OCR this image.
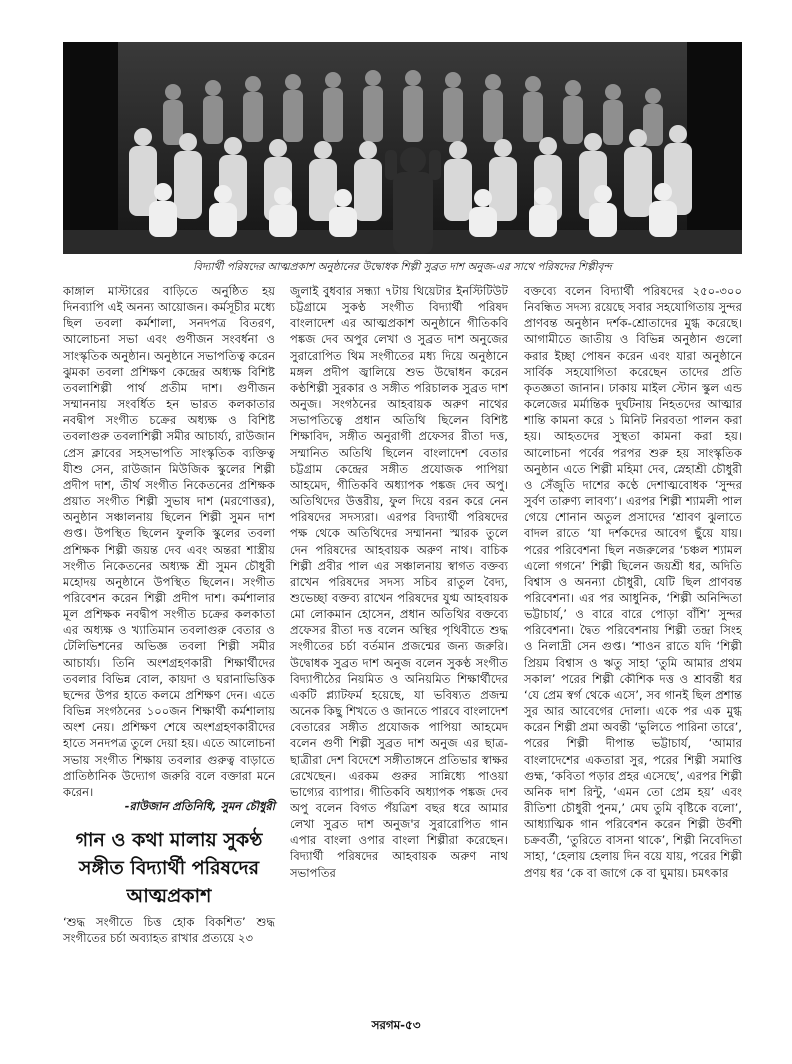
বিদ্যার্থী পরিষদের আত্মপ্রকাশ অনুষ্ঠানের উদ্বোধক শিল্পী সুব্রত দাশ অনুজ-এর সাথে পরিষদের শিল্পীবৃন্দ

কাঙ্গাল মাস্টারের বাড়িতে অনুষ্ঠিত হয় দিনব্যাপি এই অনন্য আয়োজন। কর্মসূচীর মধ্যে ছিল তবলা কর্মশালা, সনদপত্র বিতরণ, আলোচনা সভা এবং গুণীজন সংবর্ধনা ও সাংস্কৃতিক অনুষ্ঠান। অনুষ্ঠানে সভাপতিত্ব করেন ঝুমকা তবলা প্রশিক্ষণ কেন্দ্রের অধ্যক্ষ বিশিষ্ট তবলাশিল্পী পার্থ প্রতীম দাশ। গুণীজন সম্মাননায় সংবর্ধিত হন ভারত কলকাতার নবদ্বীপ সংগীত চক্রের অধ্যক্ষ ও বিশিষ্ট তবলাগুরু তবলাশিল্পী সমীর আচার্য্য, রাউজান প্রেস ক্লাবের সহসভাপতি সাংস্কৃতিক ব্যক্তিত্ব যীশু সেন, রাউজান মিউজিক স্কুলের শিল্পী প্রদীপ দাশ, তীর্থ সংগীত নিকেতনের প্রশিক্ষক প্রয়াত সংগীত শিল্পী সুভাষ দাশ (মরণোত্তর), অনুষ্ঠান সঞ্চালনায় ছিলেন শিল্পী সুমন দাশ গুপ্ত। উপস্থিত ছিলেন ফুলকি স্কুলের তবলা প্রশিক্ষক শিল্পী জয়ন্ত দেব এবং অন্তরা শাস্ত্রীয় সংগীত নিকেতনের অধ্যক্ষ শ্রী সুমন চৌধুরী মহোদয় অনুষ্ঠানে উপস্থিত ছিলেন। সংগীত পরিবেশন করেন শিল্পী প্রদীপ দাশ। কর্মশালার মূল প্রশিক্ষক নবদ্বীপ সংগীত চক্রের কলকাতা এর অধ্যক্ষ ও খ্যাতিমান তবলাগুরু বেতার ও টেলিভিশনের অভিজ্ঞ তবলা শিল্পী সমীর আচার্য্য। তিনি অংশগ্রহণকারী শিক্ষার্থীদের তবলার বিভিন্ন বোল, কায়দা ও ঘরানাভিত্তিক ছন্দের উপর হাতে কলমে প্রশিক্ষণ দেন। এতে বিভিন্ন সংগঠনের ১০০জন শিক্ষার্থী কর্মশালায় অংশ নেয়। প্রশিক্ষণ শেষে অংশগ্রহণকারীদের হাতে সনদপত্র তুলে দেয়া হয়। এতে আলোচনা সভায় সংগীত শিক্ষায় তবলার গুরুত্ব বাড়াতে প্রাতিষ্ঠানিক উদ্যোগ জরুরি বলে বক্তারা মনে করেন।

-রাউজান প্রতিনিধি, সুমন চৌধুরী
গান ও কথা মালায় সুকণ্ঠ সঙ্গীত বিদ্যার্থী পরিষদের আত্মপ্রকাশ
‘শুদ্ধ সংগীতে চিত্ত হোক বিকশিত’ শুদ্ধ সংগীতের চর্চা অব্যাহত রাখার প্রত্যয়ে ২৩

জুলাই বুধবার সন্ধ্যা ৭টায় থিয়েটার ইনস্টিটিউট চট্টগ্রামে সুকণ্ঠ সংগীত বিদ্যার্থী পরিষদ বাংলাদেশ এর আত্মপ্রকাশ অনুষ্ঠানে গীতিকবি পঙ্কজ দেব অপুর লেখা ও সুব্রত দাশ অনুজের সুরারোপিত থিম সংগীতের মধ্য দিয়ে অনুষ্ঠানে মঙ্গল প্রদীপ জ্বালিয়ে শুভ উদ্বোধন করেন কণ্ঠশিল্পী সুরকার ও সঙ্গীত পরিচালক সুব্রত দাশ অনুজ। সংগঠনের আহবায়ক অরুণ নাথের সভাপতিত্বে প্রধান অতিথি ছিলেন বিশিষ্ট শিক্ষাবিদ, সঙ্গীত অনুরাগী প্রফেসর রীতা দত্ত, সম্মানিত অতিথি ছিলেন বাংলাদেশ বেতার চট্টগ্রাম কেন্দ্রের সঙ্গীত প্রযোজক পাপিয়া আহমেদ, গীতিকবি অধ্যাপক পঙ্কজ দেব অপু। অতিথিদের উত্তরীয়, ফুল দিয়ে বরন করে নেন পরিষদের সদস্যরা। এরপর বিদ্যার্থী পরিষদের পক্ষ থেকে অতিথিদের সম্মাননা স্মারক তুলে দেন পরিষদের আহবায়ক অরুণ নাথ। বাচিক শিল্পী প্রবীর পাল এর সঞ্চালনায় স্বাগত বক্তব্য রাখেন পরিষদের সদস্য সচিব রাতুল বৈদ্য, শুভেচ্ছা বক্তব্য রাখেন পরিষদের যুগ্ম আহবায়ক মো লোকমান হোসেন, প্রধান অতিথির বক্তব্যে প্রফেসর রীতা দত্ত বলেন অস্থির পৃথিবীতে শুদ্ধ সংগীতের চর্চা বর্তমান প্রজন্মের জন্য জরুরি। উদ্বোধক সুব্রত দাশ অনুজ বলেন সুকণ্ঠ সংগীত বিদ্যাপীঠের নিয়মিত ও অনিয়মিত শিক্ষার্থীদের একটি প্ল্যাটফর্ম হয়েছে, যা ভবিষ্যত প্রজন্ম অনেক কিছু শিখতে ও জানতে পারবে বাংলাদেশ বেতারের সঙ্গীত প্রযোজক পাপিয়া আহমেদ বলেন গুণী শিল্পী সুব্রত দাশ অনুজ এর ছাত্র-ছাত্রীরা দেশ বিদেশে সঙ্গীতাঙ্গনে প্রতিভার স্বাক্ষর রেখেছেন। এরকম গুরুর সান্নিধ্যে পাওয়া ভাগ্যের ব্যাপার। গীতিকবি অধ্যাপক পঙ্কজ দেব অপু বলেন বিগত পঁয়ত্রিশ বছর ধরে আমার লেখা সুব্রত দাশ অনুজ'র সুরারোপিত গান এপার বাংলা ওপার বাংলা শিল্পীরা করেছেন। বিদ্যার্থী পরিষদের আহবায়ক অরুণ নাথ সভাপতির

বক্তব্যে বলেন বিদ্যার্থী পরিষদের ২৫০-৩০০ নিবন্ধিত সদস্য রয়েছে সবার সহযোগিতায় সুন্দর প্রাণবন্ত অনুষ্ঠান দর্শক-শ্রোতাদের মুগ্ধ করেছে। আগামীতে জাতীয় ও বিভিন্ন অনুষ্ঠান গুলো করার ইচ্ছা পোষন করেন এবং যারা অনুষ্ঠানে সার্বিক সহযোগিতা করেছেন তাদের প্রতি কৃতজ্ঞতা জানান। ঢাকায় মাইল স্টোন স্কুল এন্ড কলেজের মর্মান্তিক দুর্ঘটনায় নিহতদের আত্মার শান্তি কামনা করে ১ মিনিট নিরবতা পালন করা হয়। আহতদের সুস্থতা কামনা করা হয়। আলোচনা পর্বের পরপর শুরু হয় সাংস্কৃতিক অনুষ্ঠান এতে শিল্পী মহিমা দেব, স্নেহাশ্রী চৌধুরী ও সেঁজুতি দাশের কণ্ঠে দেশাত্মবোধক ‘সুন্দর সুর্বণ তারুণ্য লাবণ্য’। এরপর শিল্পী শ্যামলী পাল গেয়ে শোনান অতুল প্রসাদের ‘শ্রাবণ ঝুলাতে বাদল রাতে ‘যা দর্শকদের আবেগ ছুঁয়ে যায়। পরের পরিবেশনা ছিল নজরুলের ‘চঞ্চল শ্যামল এলো গগনে’ শিল্পী ছিলেন জয়শ্রী ধর, অদিতি বিশ্বাস ও অনন্যা চৌধুরী, যেটি ছিল প্রাণবন্ত পরিবেশনা। এর পর আধুনিক, ‘শিল্পী অনিন্দিতা ভট্টাচার্য,’ ও বারে বারে পোড়া বাঁশি’ সুন্দর পরিবেশনা। দ্বৈত পরিবেশনায় শিল্পী তন্দ্রা সিংহ ও নিলাদ্রী সেন গুপ্ত। ‘শাওন রাতে যদি ‘শিল্পী প্রিয়ম বিশ্বাস ও ঋতু সাহা ‘তুমি আমার প্রথম সকাল’ পরের শিল্পী কৌশিক দত্ত ও শ্রাবন্তী ধর ‘যে প্রেম স্বর্গ থেকে এসে’, সব গানই ছিল প্রশান্ত সুর আর আবেগের দোলা। একে পর এক মুগ্ধ করেন শিল্পী প্রমা অবন্তী ‘ভুলিতে পারিনা তারে’, পরের শিল্পী দীপান্ত ভট্টাচার্য, ‘আমার বাংলাদেশের একতারা সুর, পরের শিল্পী সমাপ্তি গুহ্ম, ‘কবিতা পড়ার প্রহর এসেছে’, এরপর শিল্পী অনিক দাশ রিন্টু, ‘এমন তো প্রেম হয়’ এবং রীতিশা চৌধুরী পুনম,’ মেঘ তুমি বৃষ্টিকে বলো’, আধ্যাত্মিক গান পরিবেশন করেন শিল্পী উর্বশী চক্রবর্তী, ‘তুরিতে বাসনা থাকে’, শিল্পী নিবেদিতা সাহা, ‘হেলায় হেলায় দিন বয়ে যায়, পরের শিল্পী প্রণয় ধর ‘কে বা জাগে কে বা ঘুমায়। চমৎকার

সরগম-৫৩
